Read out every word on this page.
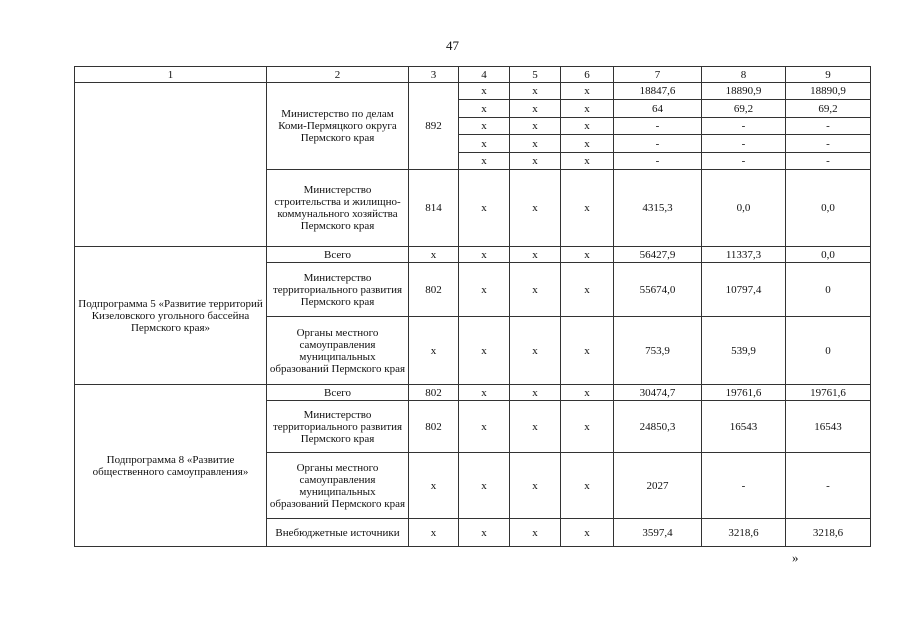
47
1	2	3	4	5	6	7	8	9
	Министерство по делам Коми-Пермяцкого округа Пермского края	892	х	х	х	18847,6	18890,9	18890,9
			х	х	х	64	69,2	69,2
			х	х	х	-	-	-
			х	х	х	-	-	-
			х	х	х	-	-	-
	Министерство строительства и жилищно-коммунального хозяйства Пермского края	814	х	х	х	4315,3	0,0	0,0
Подпрограмма 5 «Развитие территорий Кизеловского угольного бассейна Пермского края»	Всего	х	х	х	х	56427,9	11337,3	0,0
	Министерство территориального развития Пермского края	802	х	х	х	55674,0	10797,4	0
	Органы местного самоуправления муниципальных образований Пермского края	х	х	х	х	753,9	539,9	0
Подпрограмма 8 «Развитие общественного самоуправления»	Всего	802	х	х	х	30474,7	19761,6	19761,6
	Министерство территориального развития Пермского края	802	х	х	х	24850,3	16543	16543
	Органы местного самоуправления муниципальных образований Пермского края	х	х	х	х	2027	-	-
	Внебюджетные источники	х	х	х	х	3597,4	3218,6	3218,6
»
